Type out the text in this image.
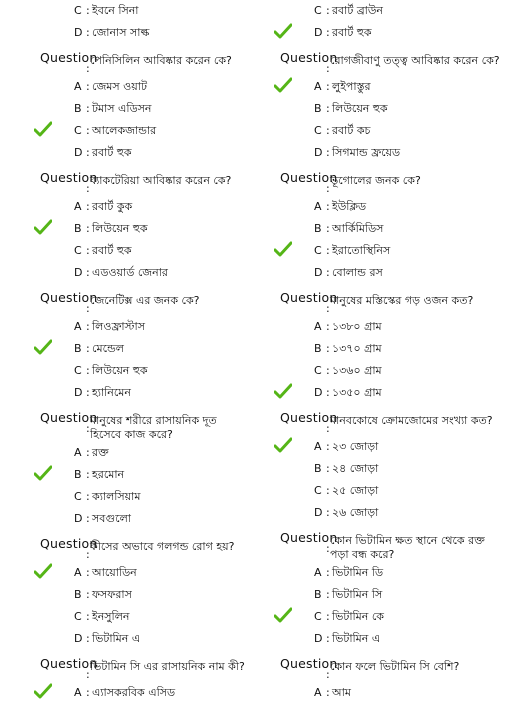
C : ইবনে সিনা
D : জোনাস সাল্ক
Question
:
পেনিসিলিন আবিষ্কার করেন কে?
A : জেমস ওয়াট
B : টমাস এডিসন
C : আলেকজান্ডার
D : রবার্ট হুক
Question
:
ব্যাকটেরিয়া আবিষ্কার করেন কে?
A : রবার্ট কুক
B : লিউয়েন হুক
C : রবার্ট হুক
D : এডওয়ার্ড জেনার
Question
:
জেনেটিক্স এর জনক কে?
A : লিওফ্রাস্টাস
B : মেন্ডেল
C : লিউয়েন হুক
D : হ্যানিমেন
Question
:
মানুষের শরীরে রাসায়নিক দূত
হিসেবে কাজ করে?
A : রক্ত
B : হরমোন
C : ক্যালসিয়াম
D : সবগুলো
Question
:
কীসের অভাবে গলগন্ড রোগ হয়?
A : আয়োডিন
B : ফসফরাস
C : ইনসুলিন
D : ভিটামিন এ
Question
:
ভিটামিন সি এর রাসায়নিক নাম কী?
A : এ্যাসকরবিক এসিড
C : রবার্ট ব্রাউন
D : রবার্ট হুক
Question
:
রোগজীবাণু তত্ত্ব আবিষ্কার করেন কে?
A : লুইপাস্তুর
B : লিউয়েন হুক
C : রবার্ট কচ
D : সিগমান্ড ফ্রয়েড
Question
:
ভূগোলের জনক কে?
A : ইউক্লিড
B : আর্কিমিডিস
C : ইরাতোস্থিনিস
D : বোলান্ড রস
Question
:
মানুষের মস্তিস্কের গড় ওজন কত?
A : ১৩৮০ গ্রাম
B : ১৩৭০ গ্রাম
C : ১৩৬০ গ্রাম
D : ১৩৫০ গ্রাম
Question
:
মানবকোষে ক্রোমজোমের সংখ্যা কত?
A : ২৩ জোড়া
B : ২৪ জোড়া
C : ২৫ জোড়া
D : ২৬ জোড়া
Question
:
কোন ভিটামিন ক্ষত স্থানে থেকে রক্ত
পড়া বন্ধ করে?
A : ভিটামিন ডি
B : ভিটামিন সি
C : ভিটামিন কে
D : ভিটামিন এ
Question
:
কোন ফলে ভিটামিন সি বেশি?
A : আম
